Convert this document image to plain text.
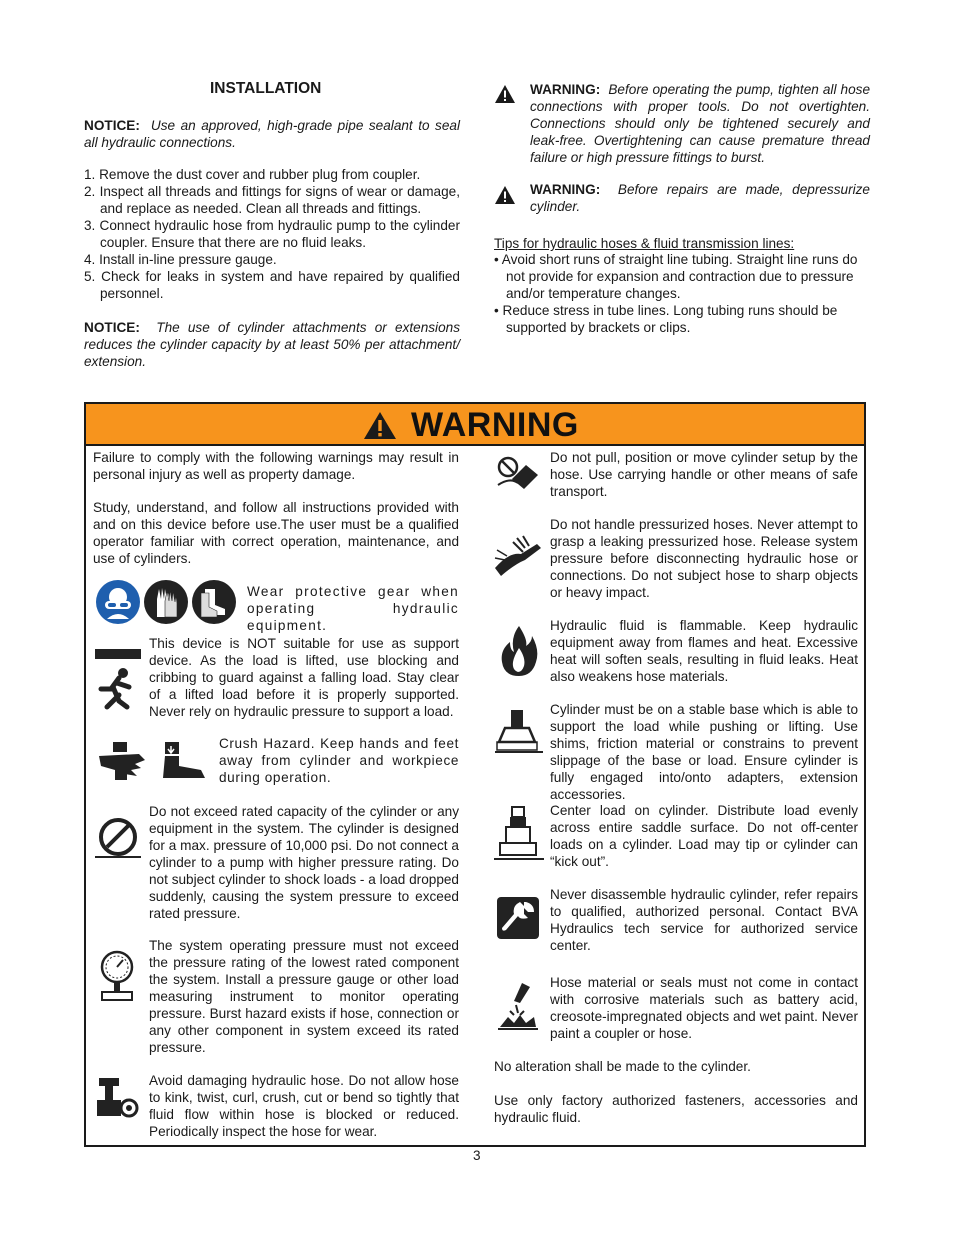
INSTALLATION
NOTICE: Use an approved, high-grade pipe sealant to seal all hydraulic connections.
1. Remove the dust cover and rubber plug from coupler.
2. Inspect all threads and fittings for signs of wear or damage, and replace as needed. Clean all threads and fittings.
3. Connect hydraulic hose from hydraulic pump to the cylinder coupler. Ensure that there are no fluid leaks.
4. Install in-line pressure gauge.
5. Check for leaks in system and have repaired by qualified personnel.
NOTICE: The use of cylinder attachments or extensions reduces the cylinder capacity by at least 50% per attachment/ extension.
WARNING: Before operating the pump, tighten all hose connections with proper tools. Do not overtighten. Connections should only be tightened securely and leak-free. Overtightening can cause premature thread failure or high pressure fittings to burst.
WARNING: Before repairs are made, depressurize cylinder.
Tips for hydraulic hoses & fluid transmission lines:
• Avoid short runs of straight line tubing. Straight line runs do not provide for expansion and contraction due to pressure and/or temperature changes.
• Reduce stress in tube lines. Long tubing runs should be supported by brackets or clips.
WARNING
Failure to comply with the following warnings may result in personal injury as well as property damage.
Study, understand, and follow all instructions provided with and on this device before use.The user must be a qualified operator familiar with correct operation, maintenance, and use of cylinders.
Wear protective gear when operating hydraulic equipment.
This device is NOT suitable for use as support device. As the load is lifted, use blocking and cribbing to guard against a falling load. Stay clear of a lifted load before it is properly supported. Never rely on hydraulic pressure to support a load.
Crush Hazard. Keep hands and feet away from cylinder and workpiece during operation.
Do not exceed rated capacity of the cylinder or any equipment in the system. The cylinder is designed for a max. pressure of 10,000 psi. Do not connect a cylinder to a pump with higher pressure rating. Do not subject cylinder to shock loads - a load dropped suddenly, causing the system pressure to exceed rated pressure.
The system operating pressure must not exceed the pressure rating of the lowest rated component the system. Install a pressure gauge or other load measuring instrument to monitor operating pressure. Burst hazard exists if hose, connection or any other component in system exceed its rated pressure.
Avoid damaging hydraulic hose. Do not allow hose to kink, twist, curl, crush, cut or bend so tightly that fluid flow within hose is blocked or reduced. Periodically inspect the hose for wear.
Do not pull, position or move cylinder setup by the hose. Use carrying handle or other means of safe transport.
Do not handle pressurized hoses. Never attempt to grasp a leaking pressurized hose. Release system pressure before disconnecting hydraulic hose or connections. Do not subject hose to sharp objects or heavy impact.
Hydraulic fluid is flammable. Keep hydraulic equipment away from flames and heat. Excessive heat will soften seals, resulting in fluid leaks. Heat also weakens hose materials.
Cylinder must be on a stable base which is able to support the load while pushing or lifting. Use shims, friction material or constrains to prevent slippage of the base or load. Ensure cylinder is fully engaged into/onto adapters, extension accessories.
Center load on cylinder. Distribute load evenly across entire saddle surface. Do not off-center loads on a cylinder. Load may tip or cylinder can “kick out”.
Never disassemble hydraulic cylinder, refer repairs to qualified, authorized personal. Contact BVA Hydraulics tech service for authorized service center.
Hose material or seals must not come in contact with corrosive materials such as battery acid, creosote-impregnated objects and wet paint. Never paint a coupler or hose.
No alteration shall be made to the cylinder.
Use only factory authorized fasteners, accessories and hydraulic fluid.
3
